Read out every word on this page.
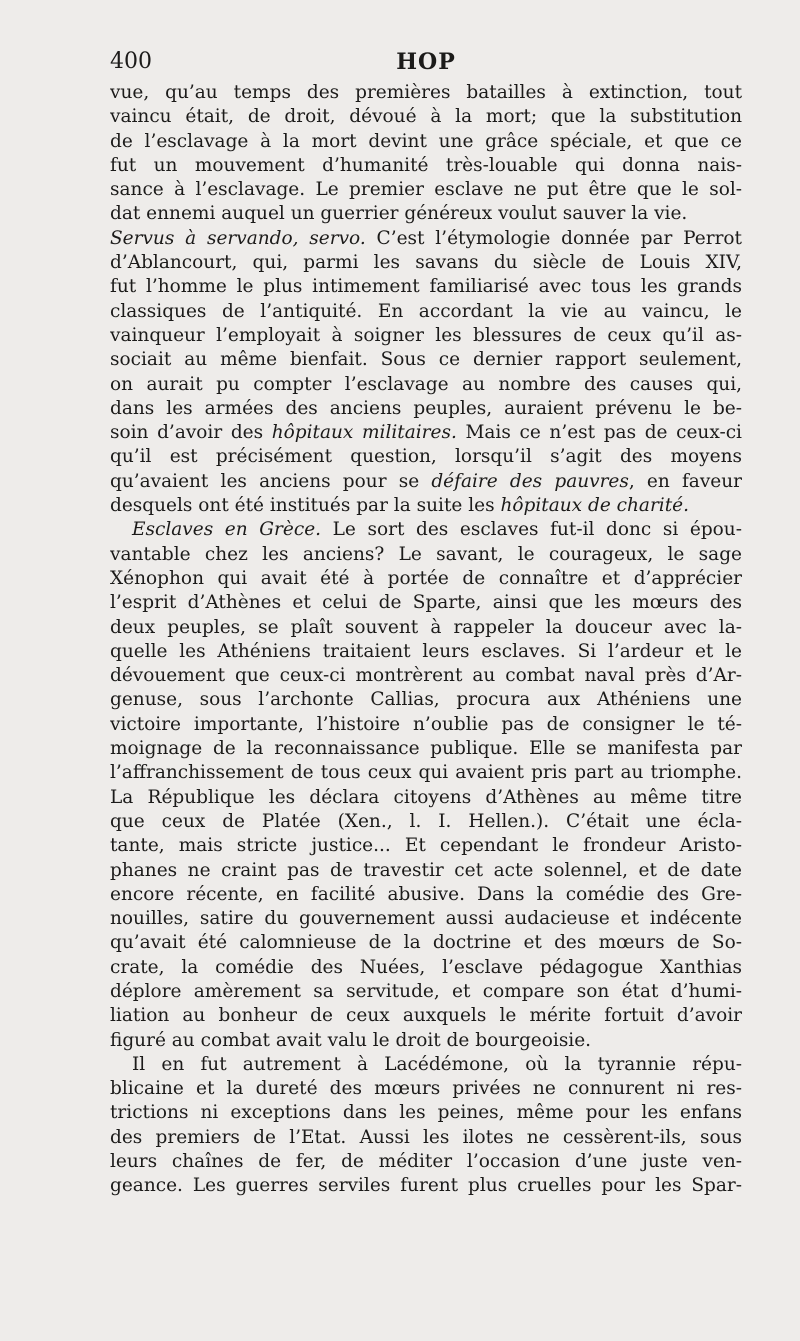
400	HOP
vue, qu’au temps des premières batailles à extinction, tout
vaincu était, de droit, dévoué à la mort; que la substitution
de l’esclavage à la mort devint une grâce spéciale, et que ce
fut un mouvement d’humanité très-louable qui donna nais-
sance à l’esclavage. Le premier esclave ne put être que le sol-
dat ennemi auquel un guerrier généreux voulut sauver la vie.
Servus à servando, servo. C’est l’étymologie donnée par Perrot
d’Ablancourt, qui, parmi les savans du siècle de Louis XIV,
fut l’homme le plus intimement familiarisé avec tous les grands
classiques de l’antiquité. En accordant la vie au vaincu, le
vainqueur l’employait à soigner les blessures de ceux qu’il as-
sociait au même bienfait. Sous ce dernier rapport seulement,
on aurait pu compter l’esclavage au nombre des causes qui,
dans les armées des anciens peuples, auraient prévenu le be-
soin d’avoir des hôpitaux militaires. Mais ce n’est pas de ceux-ci
qu’il est précisément question, lorsqu’il s’agit des moyens
qu’avaient les anciens pour se défaire des pauvres, en faveur
desquels ont été institués par la suite les hôpitaux de charité.
Esclaves en Grèce. Le sort des esclaves fut-il donc si épou-
vantable chez les anciens? Le savant, le courageux, le sage
Xénophon qui avait été à portée de connaître et d’apprécier
l’esprit d’Athènes et celui de Sparte, ainsi que les mœurs des
deux peuples, se plaît souvent à rappeler la douceur avec la-
quelle les Athéniens traitaient leurs esclaves. Si l’ardeur et le
dévouement que ceux-ci montrèrent au combat naval près d’Ar-
genuse, sous l’archonte Callias, procura aux Athéniens une
victoire importante, l’histoire n’oublie pas de consigner le té-
moignage de la reconnaissance publique. Elle se manifesta par
l’affranchissement de tous ceux qui avaient pris part au triomphe.
La République les déclara citoyens d’Athènes au même titre
que ceux de Platée (Xen., l. I. Hellen.). C’était une écla-
tante, mais stricte justice... Et cependant le frondeur Aristo-
phanes ne craint pas de travestir cet acte solennel, et de date
encore récente, en facilité abusive. Dans la comédie des Gre-
nouilles, satire du gouvernement aussi audacieuse et indécente
qu’avait été calomnieuse de la doctrine et des mœurs de So-
crate, la comédie des Nuées, l’esclave pédagogue Xanthias
déplore amèrement sa servitude, et compare son état d’humi-
liation au bonheur de ceux auxquels le mérite fortuit d’avoir
figuré au combat avait valu le droit de bourgeoisie.
Il en fut autrement à Lacédémone, où la tyrannie répu-
blicaine et la dureté des mœurs privées ne connurent ni res-
trictions ni exceptions dans les peines, même pour les enfans
des premiers de l’Etat. Aussi les ilotes ne cessèrent-ils, sous
leurs chaînes de fer, de méditer l’occasion d’une juste ven-
geance. Les guerres serviles furent plus cruelles pour les Spar-
